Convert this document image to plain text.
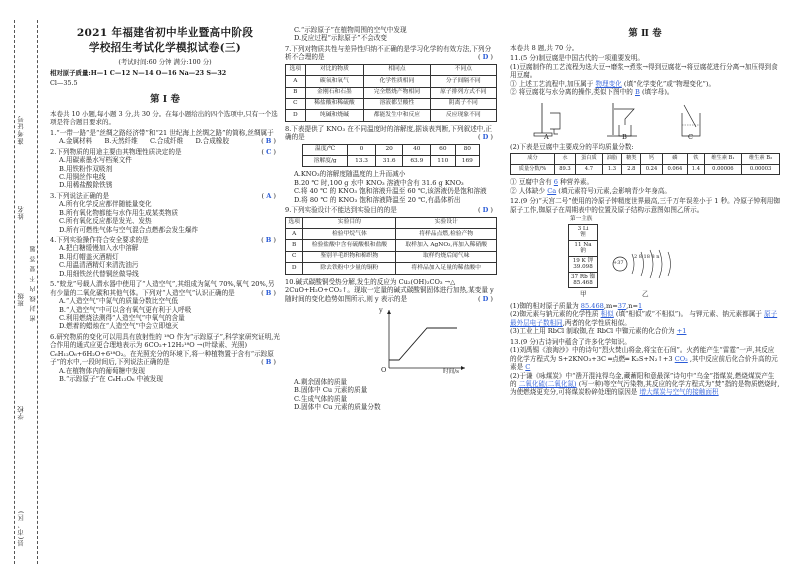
准考证号
姓名
密 封 线 内 不 要 答 题
班级
学校
县(市、区)
2021 年福建省初中毕业暨高中阶段
学校招生考试化学模拟试卷(三)
(考试时间:60 分钟 满分:100 分)
相对原子质量:H—1 C—12 N—14 O—16 Na—23 S—32
Cl—35.5
第 Ⅰ 卷
本卷共 10 小题,每小题 3 分,共 30 分。在每小题给出的四个选项中,只有一个选项是符合题目要求的。
1.“一带一路”是“丝绸之路经济带”和“21 世纪海上丝绸之路”的简称,丝绸属于
( B )
A.金属材料 B.天然纤维 C.合成纤维 D.合成橡胶
2.下列物质的用途主要由其物理性质决定的是	( C )
A.用碳素墨水写档案文件
B.用铁粉作双吸剂
C.用铜丝作电线
D.用稀盐酸除铁锈
3.下列说法正确的是	( A )
A.所有化学反应都伴随能量变化
B.所有氧化物都能与水作用生成某类物质
C.所有氧化反应都是发光、发热
D.所有可燃性气体与空气混合点燃都会发生爆炸
4.下列实验操作符合安全要求的是	( B )
A.把白糖缓慢加入水中溶解
B.用灯帽盖灭酒精灯
C.用温清酒精灯来清洗油污
D.用细铁丝代替铜丝做导线
5.“蛟龙”号载人潜水器中使用了“人造空气”,其组成为氮气 70%,氧气 20%,另有少量的二氧化碳和其他气体。下列对“人造空气”认识正确的是	( B )
A.“人造空气”中氮气的质量分数比空气低
B.“人造空气”中可以含有氧气更有利于人呼吸
C.利用燃烧法测得“人造空气”中氧气的含量
D.燃着的蜡烛在“人造空气”中会立即熄灭
6.研究物质的变化可以用具有放射性的 ¹⁸O 作为“示踪原子”,科学家研究证明,光合作用的通式应更合理地表示为 6CO₂+12H₂¹⁸O →(叶绿素、光照) C₆H₁₂O₆+6H₂O+6¹⁸O₂。在光照充分的环境下,将一种植物置于含有“示踪原子”的水中,一段时间后,下列说法正确的是	( B )
A.在植物体内的葡萄糖中发现
B.“示踪原子”在 C₆H₁₂O₆ 中被发现
C.“示踪原子”在植物周围的空气中发现
D.反应过程“示踪原子”不会改变
7.下列对物质共性与差异性归纳不正确的是学习化学的有效方法,下列分析不合理的是	( D )
选项	对比的物质	相同点	不同点
A	碳氧和氧气	化学性质相同	分子间隔不同
B	金刚石和石墨	完全燃烧产物相同	原子排列方式不同
C	稀盐酸和稀硫酸	溶液都呈酸性	阴离子不同
D	纯碱和烧碱	都能发生中和反应	反应现象不同
8.下表提供了 KNO₃ 在不同温度时的溶解度,据该表判断,下列叙述中,正确的是	( D )
温度/℃	0	20	40	60	80
溶解度/g	13.3	31.6	63.9	110	169
A.KNO₃的溶解度随温度的上升而减小
B.20 ℃ 时,100 g 水中 KNO₃ 溶液中含有 31.6 g KNO₃
C.将 40 ℃ 的 KNO₃ 饱和溶液升温至 60 ℃,该溶液仍是饱和溶液
D.将 80 ℃ 的 KNO₃ 饱和溶液降温至 20 ℃,有晶体析出
9.下列实验设计不能达到实验目的的是	( D )
选项	实验目的	实验设计
A	检验甲烷气体	将样品点燃,检验产物
B	检验盐酸中含有硫酸根和盐酸	取样加入 AgNO₃,再加入稀硝酸
C	鉴别羊毛织物和棉织物	取样灼烧后闻气味
D	除去铁粉中少量的铜粉	将样品加入足量的稀盐酸中
10.碱式碳酸铜受热分解,发生的反应为 Cu₂(OH)₂CO₃ →△ 2CuO+H₂O+CO₂↑。现取一定量的碱式碳酸铜固体进行加热,某变量 y 随时间的变化趋势如图所示,则 y 表示的是	( D )
y
O	时间/s
A.剩余固体的质量
B.固体中 Cu 元素的质量
C.生成气体的质量
D.固体中 Cu 元素的质量分数
第 Ⅱ 卷
本卷共 8 题,共 70 分。
11.(5 分)制豆腐是中国古代的一项重要发明。
(1)豆腐制作的工艺流程为选大豆→磨浆→煮浆→得到豆腐花→将豆腐花进行分离→加压得到食用豆腐。
① 上述工艺流程中,加压属于 物理变化 (填“化学变化”或“物理变化”)。
② 将豆腐花与水分离的操作,类似下图中的 B (填字母)。
A	B	C
(2)下表是豆腐中主要成分的平均质量分数:
成分	水	蛋白质	油脂	糖类	钙	磷	铁	维生素 B₁	维生素 B₂
质量分数/%	89.3	4.7	1.3	2.8	0.24	0.064	1.4	0.00006	0.00003
① 豆腐中含有 6 种营养素。
② 人体缺少 Ca (填元素符号)元素,会影响青少年身高。
12.(9 分)“天宫二号”使用的冷原子钟精度世界最高,三千万年误差小于 1 秒。冷原子钟利用铷原子工作,铷原子在周期表中的位置及原子结构示意图如图乙所示。
第一主族
3 Li
锂
11 Na
钠
19 K 钾
39.098
37 Rb 铷
85.468
甲
+37
2 8 18 8 n
乙
(1)铷的相对原子质量为 85.468,m=37,n=1
(2)铷元素与钠元素的化学性质 相似 (填“相似”或“不相似”)。 与钾元素、钠元素都属于 原子最外层电子数相同,两者的化学性质相似。
(3)工业上用 RbCl 制取铷,在 RbCl 中铷元素的化合价为 +1
13.(9 分)古诗词中蕴含了许多化学知识。
(1)刘禹锡《浪淘沙》中的诗句“烈火焚山将金,将宝在石间”。火药能产生“雷霆”一声,其反应的化学方程式为 S+2KNO₃+3C ═点燃═ K₂S+N₂↑+3 CO₂ ,其中反应前后化合价升高的元素是 C
(2)于谦《咏煤炭》中“凿开混沌得乌金,藏蓄阳和意最深”诗句中“乌金”指煤炭,燃烧煤炭产生的 二氧化硫(二氧化氮) (写一种)等空气污染物,其反应的化学方程式为“焚”指的是物质燃烧时,为使燃烧更充分,可将煤炭粉碎处理的原因是 增大煤炭与空气的接触面积
